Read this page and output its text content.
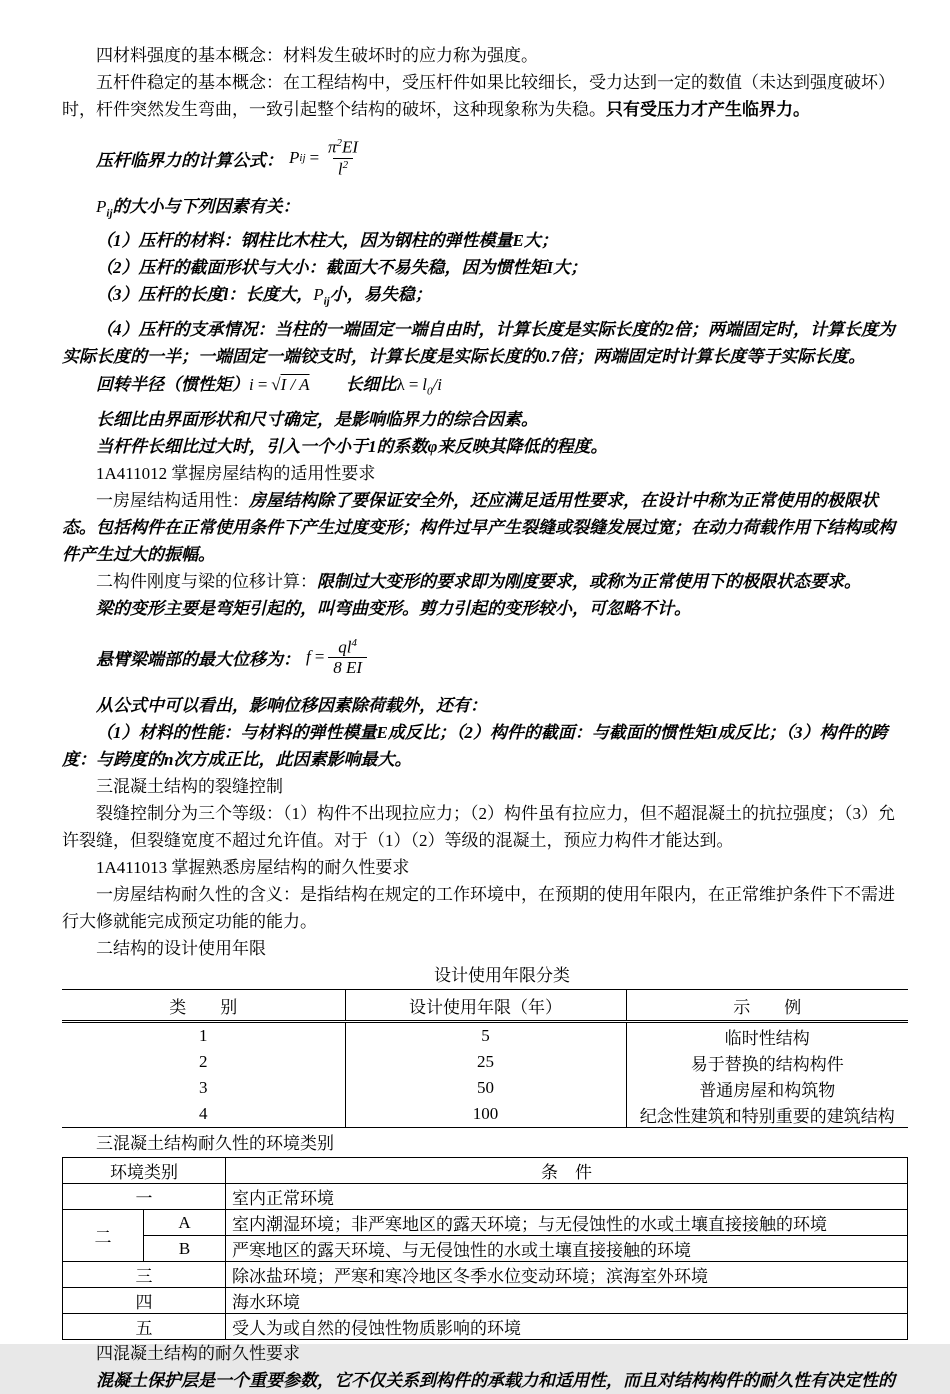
四材料强度的基本概念：材料发生破坏时的应力称为强度。

五杆件稳定的基本概念：在工程结构中，受压杆件如果比较细长，受力达到一定的数值（未达到强度破坏）时，杆件突然发生弯曲，一致引起整个结构的破坏，这种现象称为失稳。只有受压力才产生临界力。

压杆临界力的计算公式： P ij = $\frac{\pi^2EI}{l^2}$

$P_{ij}$的大小与下列因素有关：

（1）压杆的材料：钢柱比木柱大，因为钢柱的弹性模量E大；

（2）压杆的截面形状与大小：截面大不易失稳，因为惯性矩I大；

（3）压杆的长度l：长度大，$P_{ij}$小，易失稳；

（4）压杆的支承情况：当柱的一端固定一端自由时，计算长度是实际长度的2倍；两端固定时，计算长度为实际长度的一半；一端固定一端铰支时，计算长度是实际长度的0.7倍；两端固定时计算长度等于实际长度。

回转半径（惯性矩）i = √I / A 长细比$\lambda = l_0/i$

长细比由界面形状和尺寸确定，是影响临界力的综合因素。

当杆件长细比过大时，引入一个小于1的系数φ来反映其降低的程度。

1A411012 掌握房屋结构的适用性要求

一房屋结构适用性：房屋结构除了要保证安全外，还应满足适用性要求，在设计中称为正常使用的极限状态。包括构件在正常使用条件下产生过度变形；构件过早产生裂缝或裂缝发展过宽；在动力荷载作用下结构或构件产生过大的振幅。

二构件刚度与梁的位移计算：限制过大变形的要求即为刚度要求，或称为正常使用下的极限状态要求。

梁的变形主要是弯矩引起的，叫弯曲变形。剪力引起的变形较小，可忽略不计。

悬臂梁端部的最大位移为： $f = \frac{ql^4}{8 EI}$

从公式中可以看出，影响位移因素除荷载外，还有：

（1）材料的性能：与材料的弹性模量E成反比；（2）构件的截面：与截面的惯性矩I成反比；（3）构件的跨度：与跨度的n次方成正比，此因素影响最大。

三混凝土结构的裂缝控制

裂缝控制分为三个等级：（1）构件不出现拉应力；（2）构件虽有拉应力，但不超混凝土的抗拉强度；（3）允许裂缝，但裂缝宽度不超过允许值。对于（1）（2）等级的混凝土，预应力构件才能达到。

1A411013 掌握熟悉房屋结构的耐久性要求

一房屋结构耐久性的含义：是指结构在规定的工作环境中，在预期的使用年限内，在正常维护条件下不需进行大修就能完成预定功能的能力。

二结构的设计使用年限

设计使用年限分类

类　　别	设计使用年限（年）	示　　例
1	5	临时性结构
2	25	易于替换的结构构件
3	50	普通房屋和构筑物
4	100	纪念性建筑和特别重要的建筑结构

三混凝土结构耐久性的环境类别

环境类别		条　件
一		室内正常环境
二	A	室内潮湿环境；非严寒地区的露天环境；与无侵蚀性的水或土壤直接接触的环境
	B	严寒地区的露天环境、与无侵蚀性的水或土壤直接接触的环境
三		除冰盐环境；严寒和寒冷地区冬季水位变动环境；滨海室外环境
四		海水环境
五		受人为或自然的侵蚀性物质影响的环境

四混凝土结构的耐久性要求

混凝土保护层是一个重要参数，它不仅关系到构件的承载力和适用性，而且对结构构件的耐久性有决定性的
